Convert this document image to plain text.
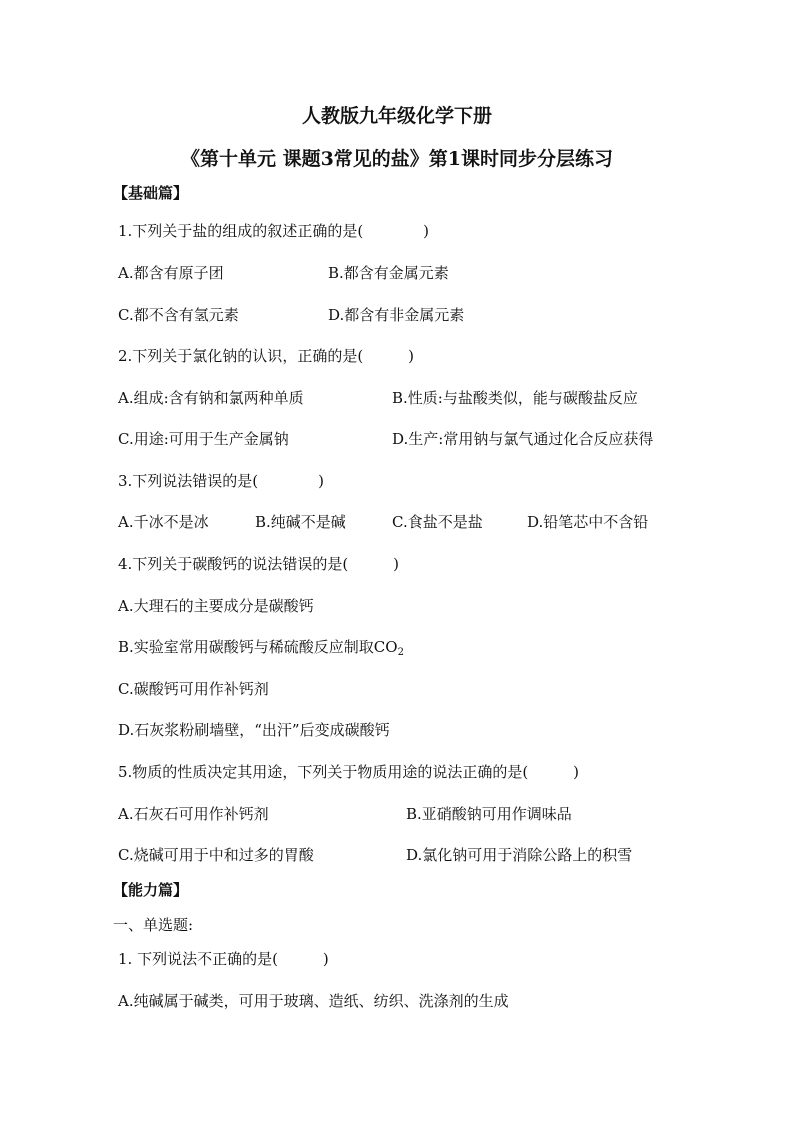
人教版九年级化学下册
《第十单元 课题3常见的盐》第1课时同步分层练习
【基础篇】
1.下列关于盐的组成的叙述正确的是(　　　　)
A.都含有原子团	B.都含有金属元素
C.都不含有氢元素	D.都含有非金属元素
2.下列关于氯化钠的认识，正确的是(　　　)
A.组成:含有钠和氯两种单质	B.性质:与盐酸类似，能与碳酸盐反应
C.用途:可用于生产金属钠	D.生产:常用钠与氯气通过化合反应获得
3.下列说法错误的是(　　　　)
A.千冰不是冰	B.纯碱不是碱	C.食盐不是盐	D.铅笔芯中不含铅
4.下列关于碳酸钙的说法错误的是(　　　)
A.大理石的主要成分是碳酸钙
B.实验室常用碳酸钙与稀硫酸反应制取$CO_2$
C.碳酸钙可用作补钙剂
D.石灰浆粉刷墙壁，“出汗”后变成碳酸钙
5.物质的性质决定其用途，下列关于物质用途的说法正确的是(　　　)
A.石灰石可用作补钙剂	B.亚硝酸钠可用作调味品
C.烧碱可用于中和过多的胃酸	D.氯化钠可用于消除公路上的积雪
【能力篇】
一、单选题:
1. 下列说法不正确的是(　　　)
A.纯碱属于碱类，可用于玻璃、造纸、纺织、洗涤剂的生成
